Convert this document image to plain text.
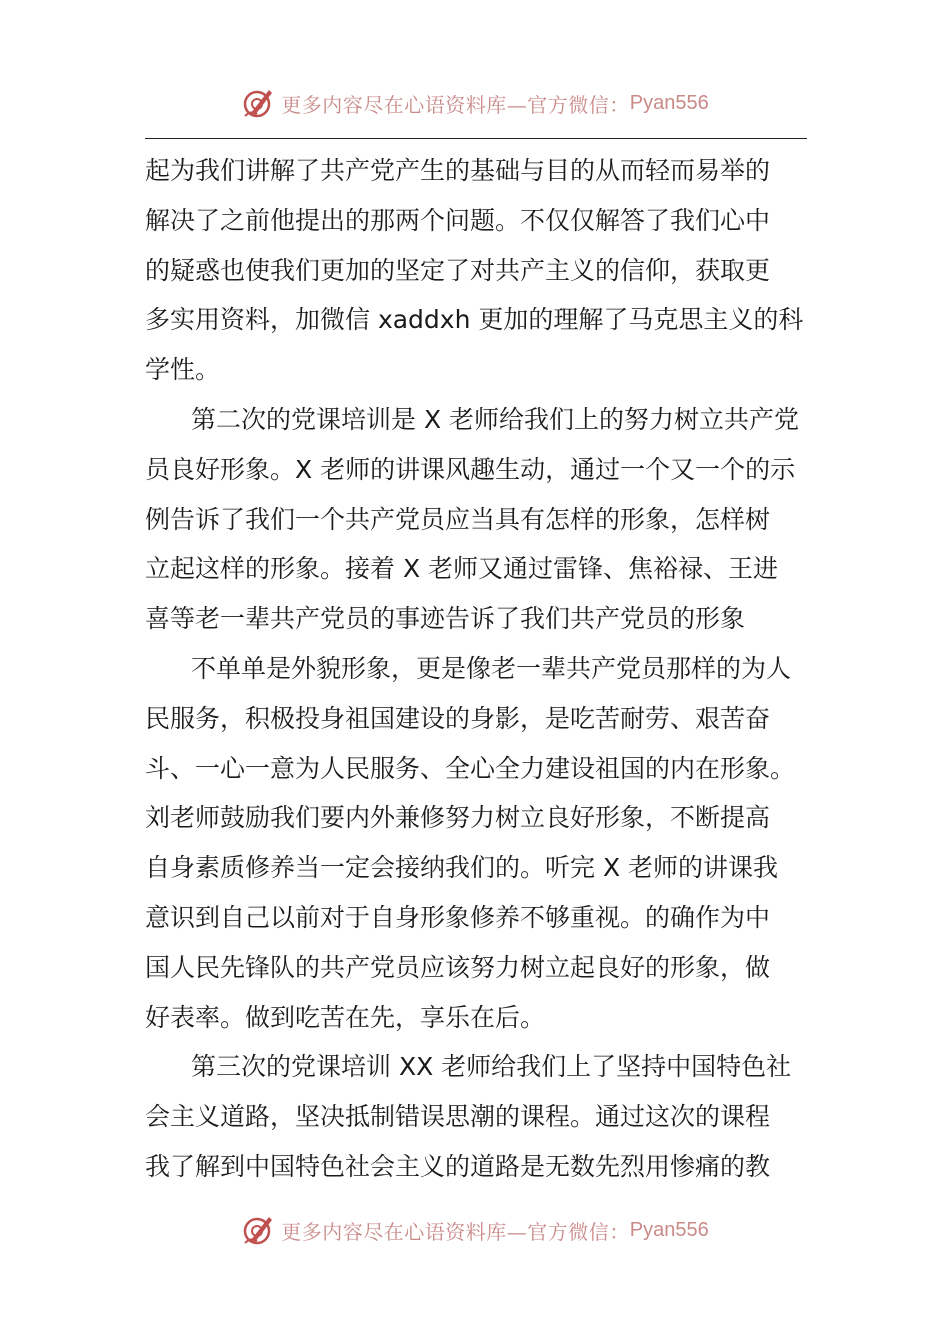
更多内容尽在心语资料库—官方微信： Pyan556
起为我们讲解了共产党产生的基础与目的从而轻而易举的
解决了之前他提出的那两个问题。不仅仅解答了我们心中
的疑惑也使我们更加的坚定了对共产主义的信仰，获取更
多实用资料，加微信 xaddxh 更加的理解了马克思主义的科
学性。
第二次的党课培训是 X 老师给我们上的努力树立共产党
员良好形象。X 老师的讲课风趣生动，通过一个又一个的示
例告诉了我们一个共产党员应当具有怎样的形象，怎样树
立起这样的形象。接着 X 老师又通过雷锋、焦裕禄、王进
喜等老一辈共产党员的事迹告诉了我们共产党员的形象
不单单是外貌形象，更是像老一辈共产党员那样的为人
民服务，积极投身祖国建设的身影，是吃苦耐劳、艰苦奋
斗、一心一意为人民服务、全心全力建设祖国的内在形象。
刘老师鼓励我们要内外兼修努力树立良好形象，不断提高
自身素质修养当一定会接纳我们的。听完 X 老师的讲课我
意识到自己以前对于自身形象修养不够重视。的确作为中
国人民先锋队的共产党员应该努力树立起良好的形象，做
好表率。做到吃苦在先，享乐在后。
第三次的党课培训 XX 老师给我们上了坚持中国特色社
会主义道路，坚决抵制错误思潮的课程。通过这次的课程
我了解到中国特色社会主义的道路是无数先烈用惨痛的教
更多内容尽在心语资料库—官方微信： Pyan556
